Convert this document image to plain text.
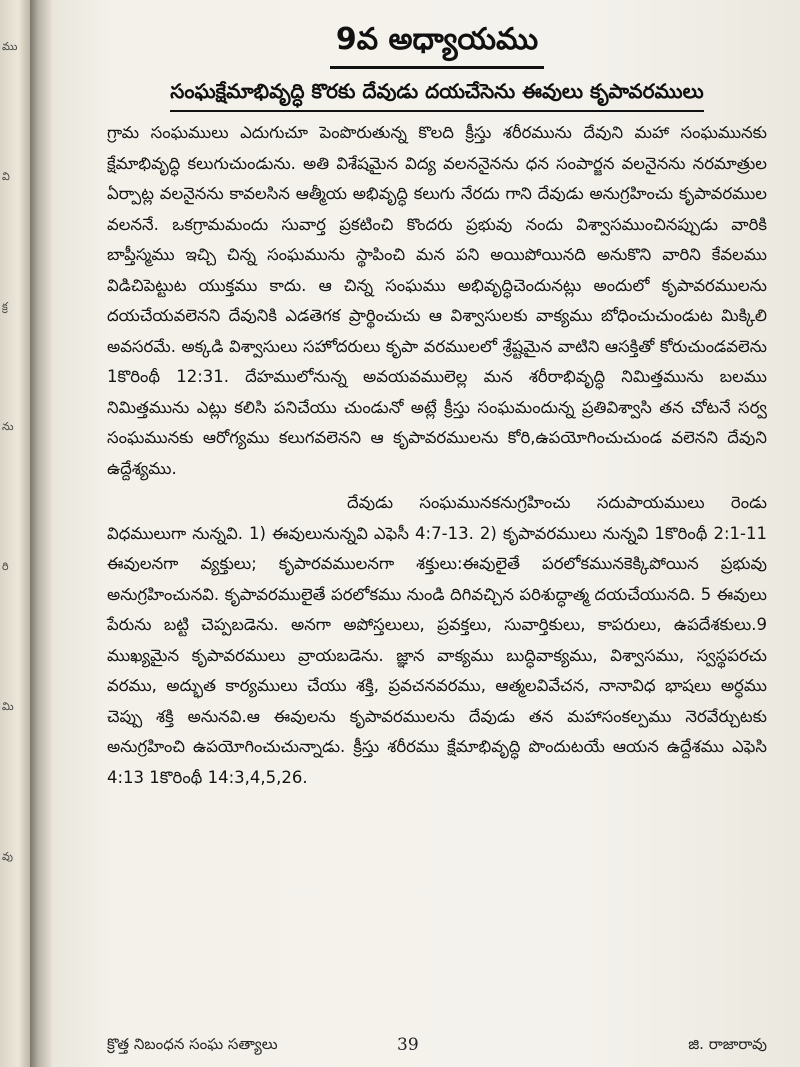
ము
వి
క్ర
ను
రి
మి
వు
9వ అధ్యాయము
సంఘక్షేమాభివృద్ధి కొరకు దేవుడు దయచేసెను ఈవులు కృపావరములు

గ్రామ సంఘములు ఎదుగుచూ పెంపొరుతున్న కొలది క్రీస్తు శరీరమును దేవుని మహా సంఘమునకు క్షేమాభివృద్ధి కలుగుచుండును. అతి విశేషమైన విద్య వలననైనను ధన సంపార్జన వలనైనను నరమాత్రుల ఏర్పాట్ల వలనైనను కావలసిన ఆత్మీయ అభివృద్ధి కలుగు నేరదు గాని దేవుడు అనుగ్రహించు కృపావరముల వలననే. ఒకగ్రామమందు సువార్త ప్రకటించి కొందరు ప్రభువు నందు విశ్వాసముంచినప్పుడు వారికి బాప్తీస్మము ఇచ్చి చిన్న సంఘమును స్థాపించి మన పని అయిపోయినది అనుకొని వారిని కేవలము విడిచిపెట్టుట యుక్తము కాదు. ఆ చిన్న సంఘము అభివృద్ధిచెందునట్లు అందులో కృపావరములను దయచేయవలెనని దేవునికి ఎడతెగక ప్రార్థించుచు ఆ విశ్వాసులకు వాక్యము బోధించుచుండుట మిక్కిలి అవసరమే. అక్కడి విశ్వాసులు సహోదరులు కృపా వరములలో శ్రేష్టమైన వాటిని ఆసక్తితో కోరుచుండవలెను 1కొరింథీ 12:31. దేహములోనున్న అవయవములెల్ల మన శరీరాభివృద్ధి నిమిత్తమును బలము నిమిత్తమును ఎట్లు కలిసి పనిచేయు చుండునో అట్లే క్రీస్తు సంఘమందున్న ప్రతివిశ్వాసి తన చోటనే సర్వ సంఘమునకు ఆరోగ్యము కలుగవలెనని ఆ కృపావరములను కోరి,ఉపయోగించుచుండ వలెనని దేవుని ఉద్దేశ్యము.

దేవుడు సంఘమునకనుగ్రహించు సదుపాయములు రెండు విధములుగా నున్నవి. 1) ఈవులునున్నవి ఎఫెసీ 4:7-13. 2) కృపావరములు నున్నవి 1కొరింథీ 2:1-11 ఈవులనగా వ్యక్తులు; కృపారవములనగా శక్తులు:ఈవులైతే పరలోకమునకెక్కిపోయిన ప్రభువు అనుగ్రహించునవి. కృపావరములైతే పరలోకము నుండి దిగివచ్చిన పరిశుద్ధాత్మ దయచేయునది. 5 ఈవులు పేరును బట్టి చెప్పబడెను. అనగా అపోస్తలులు, ప్రవక్తలు, సువార్తికులు, కాపరులు, ఉపదేశకులు.9 ముఖ్యమైన కృపావరములు వ్రాయబడెను. జ్ఞాన వాక్యము బుద్ధివాక్యము, విశ్వాసము, స్వస్థపరచు వరము, అద్భుత కార్యములు చేయు శక్తి, ప్రవచనవరము, ఆత్మలవివేచన, నానావిధ భాషలు అర్ధము చెప్పు శక్తి అనునవి.ఆ ఈవులను కృపావరములను దేవుడు తన మహాసంకల్పము నెరవేర్చుటకు అనుగ్రహించి ఉపయోగించుచున్నాడు. క్రీస్తు శరీరము క్షేమాభివృద్ధి పొందుటయే ఆయన ఉద్దేశము ఎఫెసి 4:13 1కొరింథీ 14:3,4,5,26.

క్రొత్త నిబంధన సంఘ సత్యాలు	39	జి. రాజారావు
